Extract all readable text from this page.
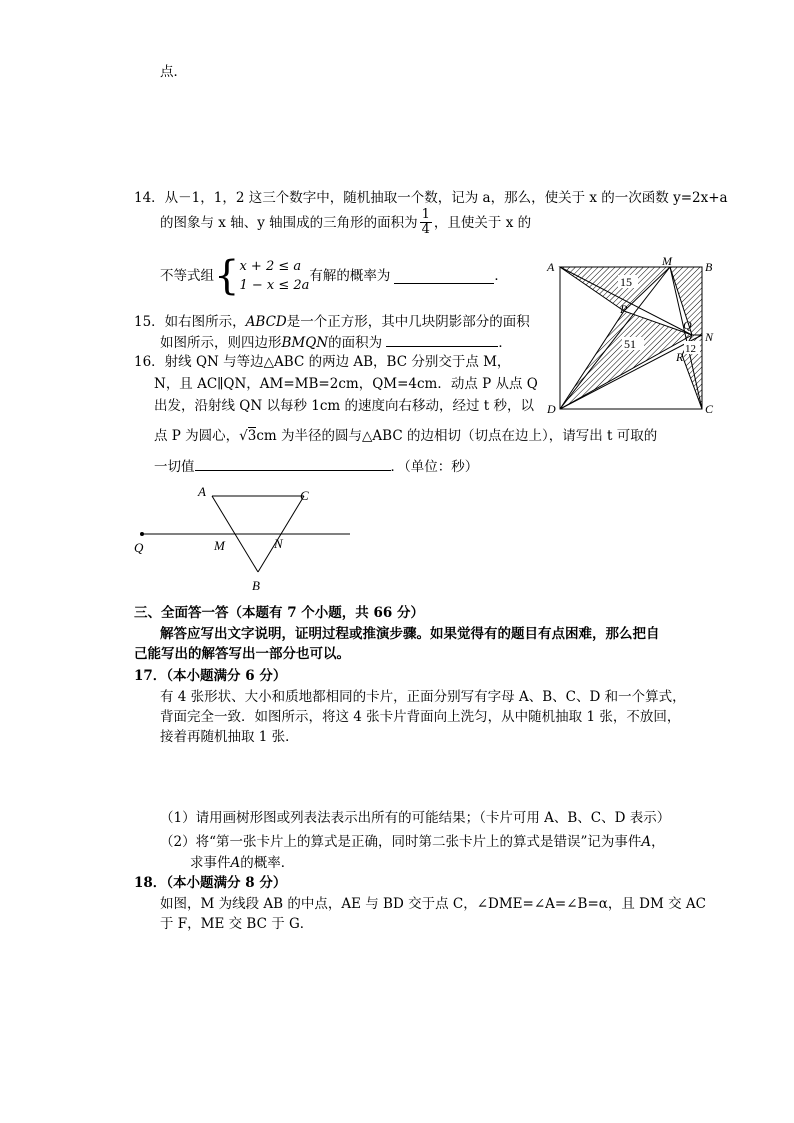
点．
14．从－1，1，2 这三个数字中，随机抽取一个数，记为 a，那么，使关于 x 的一次函数 y=2x+a
的图象与 x 轴、y 轴围成的三角形的面积为 $\frac{1}{4}$ ，且使关于 x 的
不等式组 { x + 2 ≤ a
1 − x ≤ 2a
有解的概率为	．
15．如右图所示，ABCD是一个正方形，其中几块阴影部分的面积
如图所示，则四边形BMQN的面积为	．
16．射线 QN 与等边△ABC 的两边 AB，BC 分别交于点 M，
N，且 AC∥QN，AM=MB=2cm，QM=4cm．动点 P 从点 Q
出发，沿射线 QN 以每秒 1cm 的速度向右移动，经过 t 秒，以
点 P 为圆心，√3cm 为半径的圆与△ABC 的边相切（切点在边上），请写出 t 可取的
一切值	．（单位：秒）
15
51	12
A	B
C
D
M
N
P
Q
R
A	C
B
M	N
Q
三、全面答一答（本题有 7 个小题，共 66 分）
解答应写出文字说明，证明过程或推演步骤。如果觉得有的题目有点困难，那么把自
己能写出的解答写出一部分也可以。
17．（本小题满分 6 分）
有 4 张形状、大小和质地都相同的卡片，正面分别写有字母 A、B、C、D 和一个算式，
背面完全一致．如图所示，将这 4 张卡片背面向上洗匀，从中随机抽取 1 张，不放回，
接着再随机抽取 1 张．
（1）请用画树形图或列表法表示出所有的可能结果；（卡片可用 A、B、C、D 表示）
（2）将“第一张卡片上的算式是正确，同时第二张卡片上的算式是错误”记为事件A，
求事件A的概率．
18．（本小题满分 8 分）
如图，M 为线段 AB 的中点，AE 与 BD 交于点 C，∠DME=∠A=∠B=α，且 DM 交 AC
于 F，ME 交 BC 于 G．
